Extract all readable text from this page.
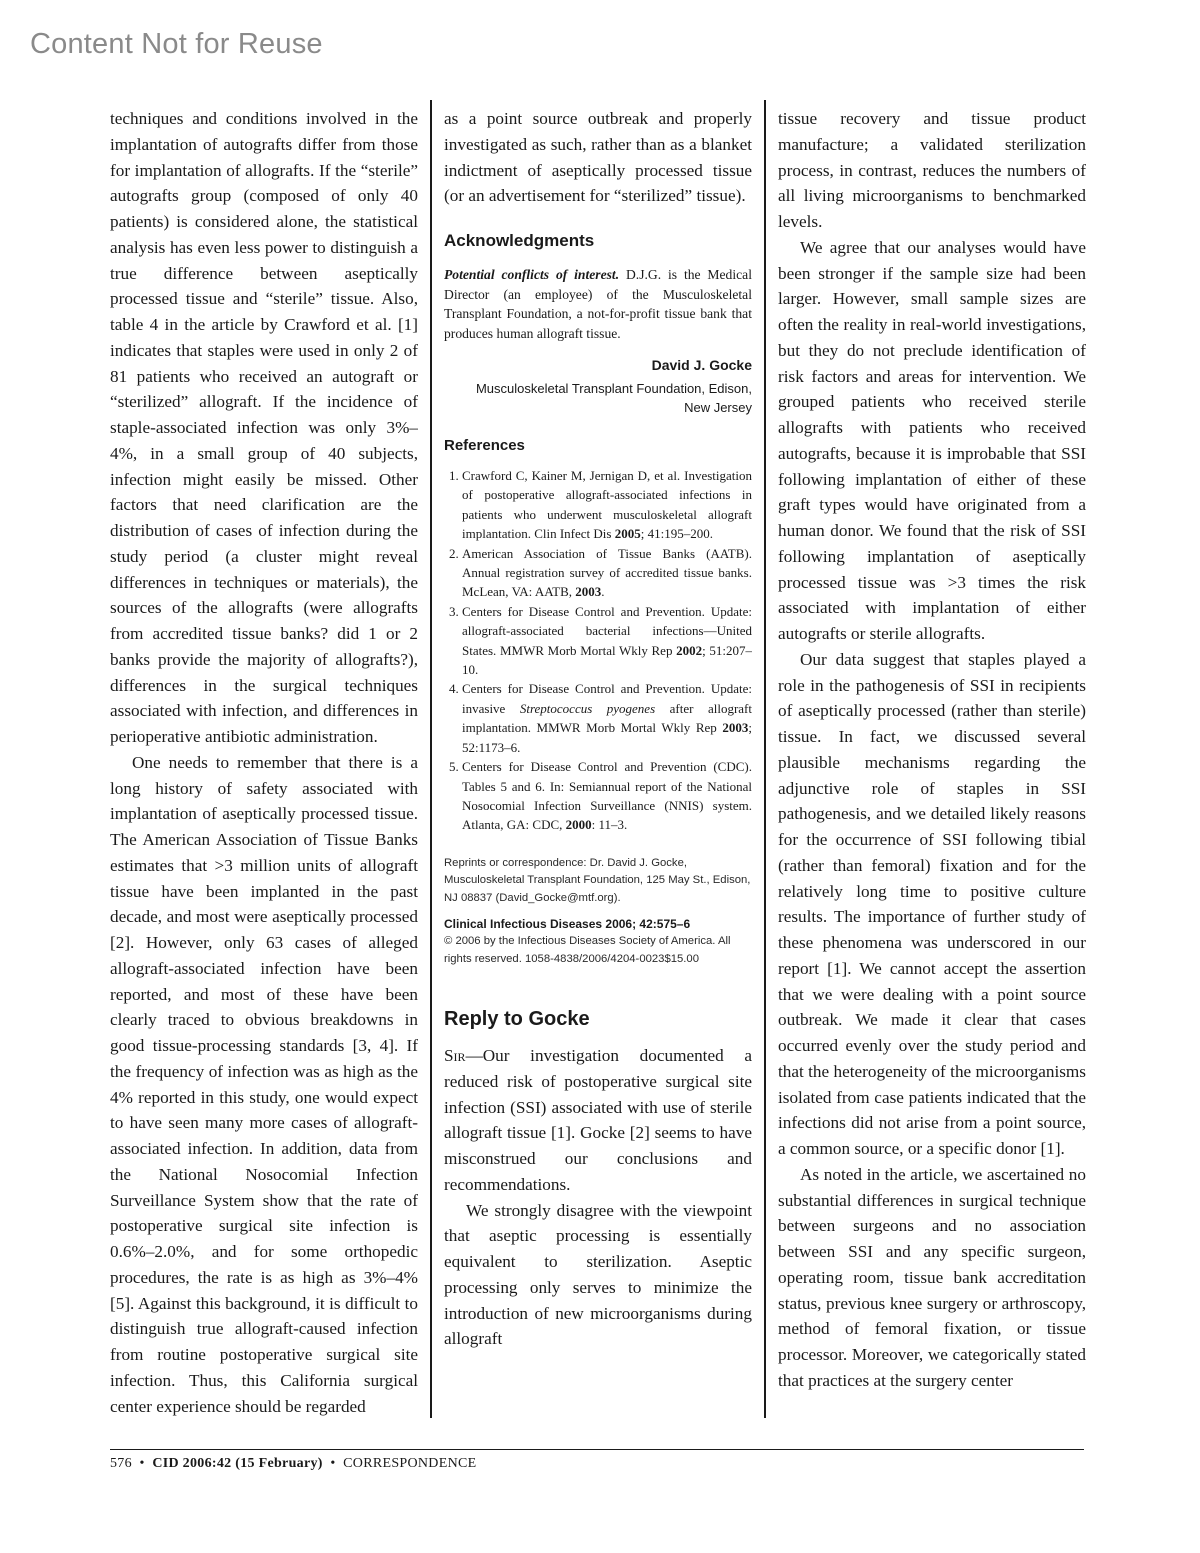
Content Not for Reuse

techniques and conditions involved in the implantation of autografts differ from those for implantation of allografts. If the “sterile” autografts group (composed of only 40 patients) is considered alone, the statistical analysis has even less power to distinguish a true difference between aseptically processed tissue and “sterile” tissue. Also, table 4 in the article by Crawford et al. [1] indicates that staples were used in only 2 of 81 patients who received an autograft or “sterilized” allograft. If the incidence of staple-associated infection was only 3%–4%, in a small group of 40 subjects, infection might easily be missed. Other factors that need clarification are the distribution of cases of infection during the study period (a cluster might reveal differences in techniques or materials), the sources of the allografts (were allografts from accredited tissue banks? did 1 or 2 banks provide the majority of allografts?), differences in the surgical techniques associated with infection, and differences in perioperative antibiotic administration.

One needs to remember that there is a long history of safety associated with implantation of aseptically processed tissue. The American Association of Tissue Banks estimates that >3 million units of allograft tissue have been implanted in the past decade, and most were aseptically processed [2]. However, only 63 cases of alleged allograft-associated infection have been reported, and most of these have been clearly traced to obvious breakdowns in good tissue-processing standards [3, 4]. If the frequency of infection was as high as the 4% reported in this study, one would expect to have seen many more cases of allograft-associated infection. In addition, data from the National Nosocomial Infection Surveillance System show that the rate of postoperative surgical site infection is 0.6%–2.0%, and for some orthopedic procedures, the rate is as high as 3%–4% [5]. Against this background, it is difficult to distinguish true allograft-caused infection from routine postoperative surgical site infection. Thus, this California surgical center experience should be regarded

as a point source outbreak and properly investigated as such, rather than as a blanket indictment of aseptically processed tissue (or an advertisement for “sterilized” tissue).

Acknowledgments

Potential conflicts of interest. D.J.G. is the Medical Director (an employee) of the Musculoskeletal Transplant Foundation, a not-for-profit tissue bank that produces human allograft tissue.

David J. Gocke
Musculoskeletal Transplant Foundation, Edison, New Jersey
References
1. Crawford C, Kainer M, Jernigan D, et al. Investigation of postoperative allograft-associated infections in patients who underwent musculoskeletal allograft implantation. Clin Infect Dis 2005; 41:195–200.
2. American Association of Tissue Banks (AATB). Annual registration survey of accredited tissue banks. McLean, VA: AATB, 2003.
3. Centers for Disease Control and Prevention. Update: allograft-associated bacterial infections—United States. MMWR Morb Mortal Wkly Rep 2002; 51:207–10.
4. Centers for Disease Control and Prevention. Update: invasive Streptococcus pyogenes after allograft implantation. MMWR Morb Mortal Wkly Rep 2003; 52:1173–6.
5. Centers for Disease Control and Prevention (CDC). Tables 5 and 6. In: Semiannual report of the National Nosocomial Infection Surveillance (NNIS) system. Atlanta, GA: CDC, 2000: 11–3.
Reprints or correspondence: Dr. David J. Gocke, Musculoskeletal Transplant Foundation, 125 May St., Edison, NJ 08837 (David_Gocke@mtf.org).
Clinical Infectious Diseases 2006; 42:575–6
© 2006 by the Infectious Diseases Society of America. All rights reserved. 1058-4838/2006/4204-0023$15.00
Reply to Gocke

Sir—Our investigation documented a reduced risk of postoperative surgical site infection (SSI) associated with use of sterile allograft tissue [1]. Gocke [2] seems to have misconstrued our conclusions and recommendations.

We strongly disagree with the viewpoint that aseptic processing is essentially equivalent to sterilization. Aseptic processing only serves to minimize the introduction of new microorganisms during allograft

tissue recovery and tissue product manufacture; a validated sterilization process, in contrast, reduces the numbers of all living microorganisms to benchmarked levels.

We agree that our analyses would have been stronger if the sample size had been larger. However, small sample sizes are often the reality in real-world investigations, but they do not preclude identification of risk factors and areas for intervention. We grouped patients who received sterile allografts with patients who received autografts, because it is improbable that SSI following implantation of either of these graft types would have originated from a human donor. We found that the risk of SSI following implantation of aseptically processed tissue was >3 times the risk associated with implantation of either autografts or sterile allografts.

Our data suggest that staples played a role in the pathogenesis of SSI in recipients of aseptically processed (rather than sterile) tissue. In fact, we discussed several plausible mechanisms regarding the adjunctive role of staples in SSI pathogenesis, and we detailed likely reasons for the occurrence of SSI following tibial (rather than femoral) fixation and for the relatively long time to positive culture results. The importance of further study of these phenomena was underscored in our report [1]. We cannot accept the assertion that we were dealing with a point source outbreak. We made it clear that cases occurred evenly over the study period and that the heterogeneity of the microorganisms isolated from case patients indicated that the infections did not arise from a point source, a common source, or a specific donor [1].

As noted in the article, we ascertained no substantial differences in surgical technique between surgeons and no association between SSI and any specific surgeon, operating room, tissue bank accreditation status, previous knee surgery or arthroscopy, method of femoral fixation, or tissue processor. Moreover, we categorically stated that practices at the surgery center

576  •  CID 2006:42 (15 February)  •  CORRESPONDENCE
